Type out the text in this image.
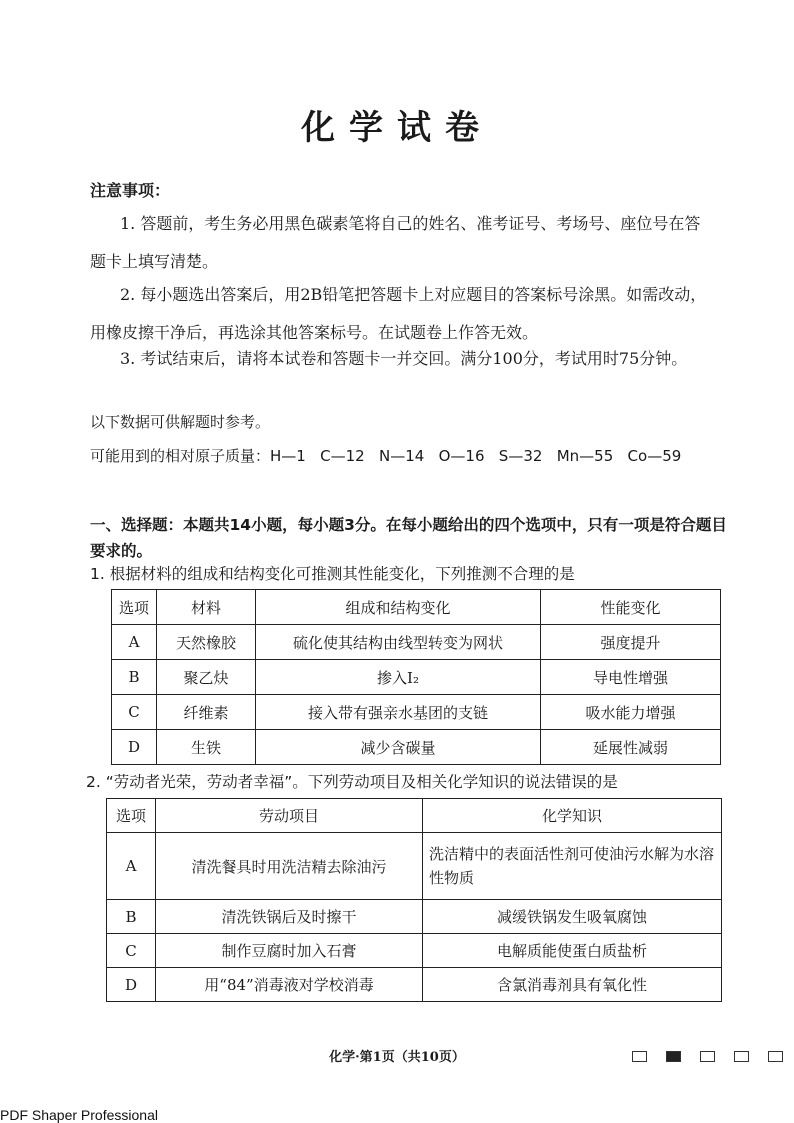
化学试卷
注意事项：
1. 答题前，考生务必用黑色碳素笔将自己的姓名、准考证号、考场号、座位号在答
题卡上填写清楚。
2. 每小题选出答案后，用2B铅笔把答题卡上对应题目的答案标号涂黑。如需改动，
用橡皮擦干净后，再选涂其他答案标号。在试题卷上作答无效。
3. 考试结束后，请将本试卷和答题卡一并交回。满分100分，考试用时75分钟。
以下数据可供解题时参考。
可能用到的相对原子质量：H—1   C—12   N—14   O—16   S—32   Mn—55   Co—59
一、选择题：本题共14小题，每小题3分。在每小题给出的四个选项中，只有一项是符合题目要求的。
1. 根据材料的组成和结构变化可推测其性能变化，下列推测不合理的是
选项	材料	组成和结构变化	性能变化
A	天然橡胶	硫化使其结构由线型转变为网状	强度提升
B	聚乙炔	掺入I₂	导电性增强
C	纤维素	接入带有强亲水基团的支链	吸水能力增强
D	生铁	减少含碳量	延展性减弱
2. “劳动者光荣，劳动者幸福”。下列劳动项目及相关化学知识的说法错误的是
选项	劳动项目	化学知识
A	清洗餐具时用洗洁精去除油污	洗洁精中的表面活性剂可使油污水解为水溶性物质
B	清洗铁锅后及时擦干	减缓铁锅发生吸氧腐蚀
C	制作豆腐时加入石膏	电解质能使蛋白质盐析
D	用“84”消毒液对学校消毒	含氯消毒剂具有氧化性
化学·第1页（共10页）
PDF Shaper Professional
